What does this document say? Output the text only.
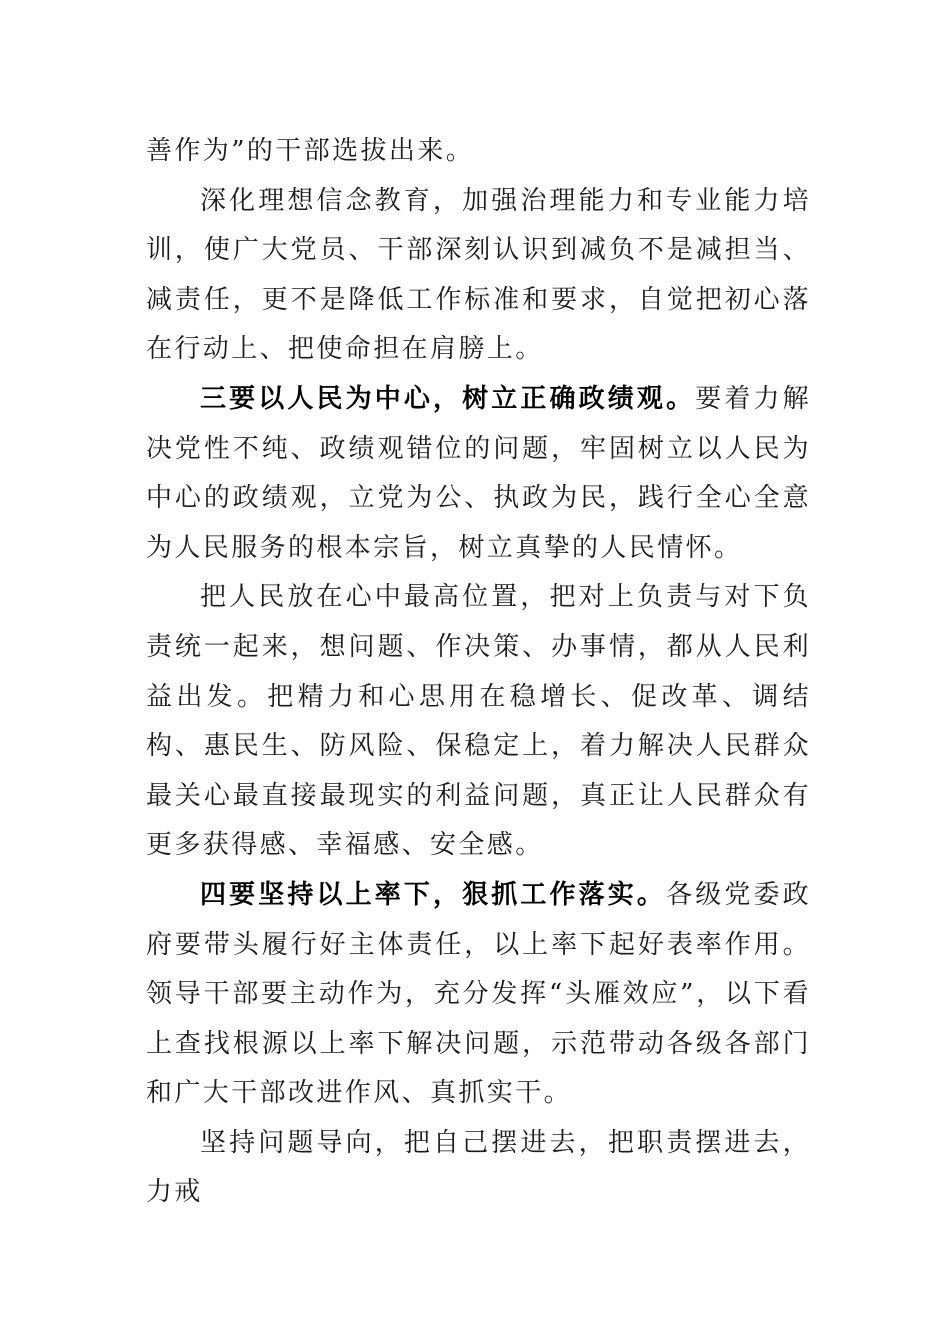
善作为”的干部选拔出来。

深化理想信念教育，加强治理能力和专业能力培训，使广大党员、干部深刻认识到减负不是减担当、减责任，更不是降低工作标准和要求，自觉把初心落在行动上、把使命担在肩膀上。

三要以人民为中心，树立正确政绩观。要着力解决党性不纯、政绩观错位的问题，牢固树立以人民为中心的政绩观，立党为公、执政为民，践行全心全意为人民服务的根本宗旨，树立真挚的人民情怀。

把人民放在心中最高位置，把对上负责与对下负责统一起来，想问题、作决策、办事情，都从人民利益出发。把精力和心思用在稳增长、促改革、调结构、惠民生、防风险、保稳定上，着力解决人民群众最关心最直接最现实的利益问题，真正让人民群众有更多获得感、幸福感、安全感。

四要坚持以上率下，狠抓工作落实。各级党委政府要带头履行好主体责任，以上率下起好表率作用。领导干部要主动作为，充分发挥“头雁效应”，以下看上查找根源以上率下解决问题，示范带动各级各部门和广大干部改进作风、真抓实干。

坚持问题导向，把自己摆进去，把职责摆进去，力戒
